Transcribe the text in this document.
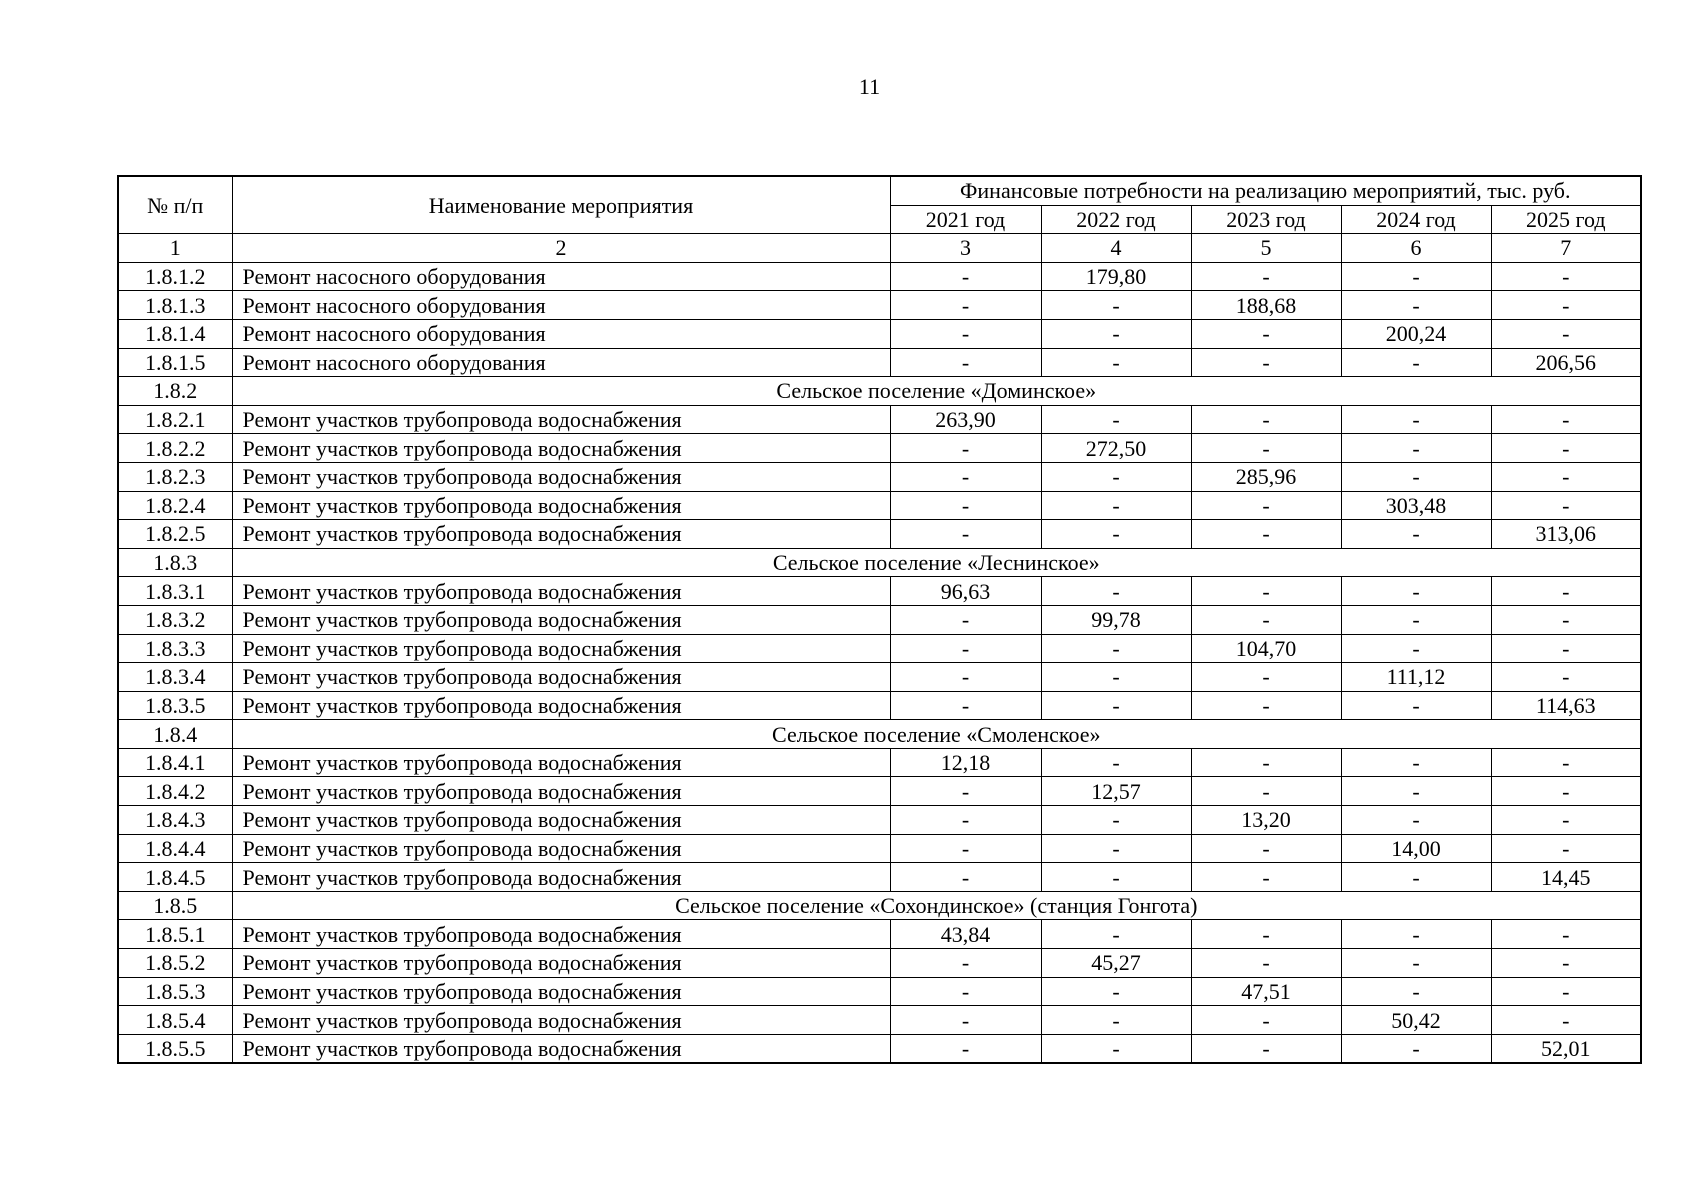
11
№ п/п	Наименование мероприятия	Финансовые потребности на реализацию мероприятий, тыс. руб.				
		2021 год	2022 год	2023 год	2024 год	2025 год
1	2	3	4	5	6	7
1.8.1.2	Ремонт насосного оборудования	-	179,80	-	-	-
1.8.1.3	Ремонт насосного оборудования	-	-	188,68	-	-
1.8.1.4	Ремонт насосного оборудования	-	-	-	200,24	-
1.8.1.5	Ремонт насосного оборудования	-	-	-	-	206,56
1.8.2	Сельское поселение «Доминское»					
1.8.2.1	Ремонт участков трубопровода водоснабжения	263,90	-	-	-	-
1.8.2.2	Ремонт участков трубопровода водоснабжения	-	272,50	-	-	-
1.8.2.3	Ремонт участков трубопровода водоснабжения	-	-	285,96	-	-
1.8.2.4	Ремонт участков трубопровода водоснабжения	-	-	-	303,48	-
1.8.2.5	Ремонт участков трубопровода водоснабжения	-	-	-	-	313,06
1.8.3	Сельское поселение «Леснинское»					
1.8.3.1	Ремонт участков трубопровода водоснабжения	96,63	-	-	-	-
1.8.3.2	Ремонт участков трубопровода водоснабжения	-	99,78	-	-	-
1.8.3.3	Ремонт участков трубопровода водоснабжения	-	-	104,70	-	-
1.8.3.4	Ремонт участков трубопровода водоснабжения	-	-	-	111,12	-
1.8.3.5	Ремонт участков трубопровода водоснабжения	-	-	-	-	114,63
1.8.4	Сельское поселение «Смоленское»					
1.8.4.1	Ремонт участков трубопровода водоснабжения	12,18	-	-	-	-
1.8.4.2	Ремонт участков трубопровода водоснабжения	-	12,57	-	-	-
1.8.4.3	Ремонт участков трубопровода водоснабжения	-	-	13,20	-	-
1.8.4.4	Ремонт участков трубопровода водоснабжения	-	-	-	14,00	-
1.8.4.5	Ремонт участков трубопровода водоснабжения	-	-	-	-	14,45
1.8.5	Сельское поселение «Сохондинское» (станция Гонгота)					
1.8.5.1	Ремонт участков трубопровода водоснабжения	43,84	-	-	-	-
1.8.5.2	Ремонт участков трубопровода водоснабжения	-	45,27	-	-	-
1.8.5.3	Ремонт участков трубопровода водоснабжения	-	-	47,51	-	-
1.8.5.4	Ремонт участков трубопровода водоснабжения	-	-	-	50,42	-
1.8.5.5	Ремонт участков трубопровода водоснабжения	-	-	-	-	52,01
